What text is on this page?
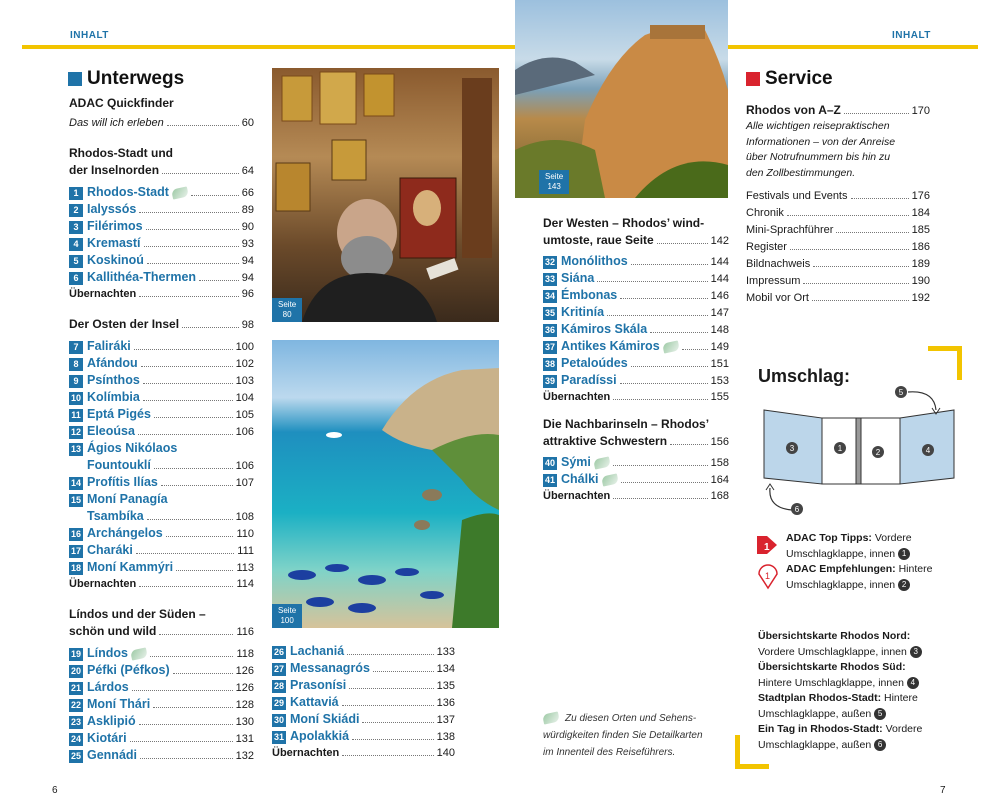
INHALT	INHALT
Unterwegs
ADAC Quickfinder
Das will ich erleben	60
Rhodos-Stadt und
der Inselnorden	64
1 Rhodos-Stadt	66
2 Ialyssós	89
3 Filérimos	90
4 Kremastí	93
5 Koskinoú	94
6 Kallithéa-Thermen	94
Übernachten	96
Der Osten der Insel	98
7 Faliráki	100
8 Afándou	102
9 Psínthos	103
10 Kolímbia	104
11 Eptá Pigés	105
12 Eleoúsa	106
13 Ágios Nikólaos
Fountouklí	106
14 Profítis Ilías	107
15 Moní Panagía
Tsambíka	108
16 Archángelos	110
17 Charáki	111
18 Moní Kammýri	113
Übernachten	114
Líndos und der Süden –
schön und wild	116
19 Líndos	118
20 Péfki (Péfkos)	126
21 Lárdos	126
22 Moní Thári	128
23 Asklipió	130
24 Kiotári	131
25 Gennádi	132
Seite
80
Seite
100
26 Lachaniá	133
27 Messanagrós	134
28 Prasonísi	135
29 Kattaviá	136
30 Moní Skiádi	137
31 Apolakkiá	138
Übernachten	140
Seite
143
Der Westen – Rhodos’ wind-
umtoste, raue Seite	142
32 Monólithos	144
33 Siána	144
34 Émbonas	146
35 Kritinía	147
36 Kámiros Skála	148
37 Antikes Kámiros	149
38 Petaloúdes	151
39 Paradíssi	153
Übernachten	155
Die Nachbarinseln – Rhodos’
attraktive Schwestern	156
40 Sými	158
41 Chálki	164
Übernachten	168
Zu diesen Orten und Sehens-
würdigkeiten finden Sie Detailkarten
im Innenteil des Reiseführers.
Service
Rhodos von A–Z	170
Alle wichtigen reisepraktischen
Informationen – von der Anreise
über Notrufnummern bis hin zu
den Zollbestimmungen.
Festivals und Events	176
Chronik	184
Mini-Sprachführer	185
Register	186
Bildnachweis	189
Impressum	190
Mobil vor Ort	192
Umschlag:
3	1	2	4
5
6
1
ADAC Top Tipps: Vordere
Umschlagklappe, innen 1
1
ADAC Empfehlungen: Hintere
Umschlagklappe, innen 2
Übersichtskarte Rhodos Nord:
Vordere Umschlagklappe, innen 3
Übersichtskarte Rhodos Süd:
Hintere Umschlagklappe, innen 4
Stadtplan Rhodos-Stadt: Hintere
Umschlagklappe, außen 5
Ein Tag in Rhodos-Stadt: Vordere
Umschlagklappe, außen 6
6	7
